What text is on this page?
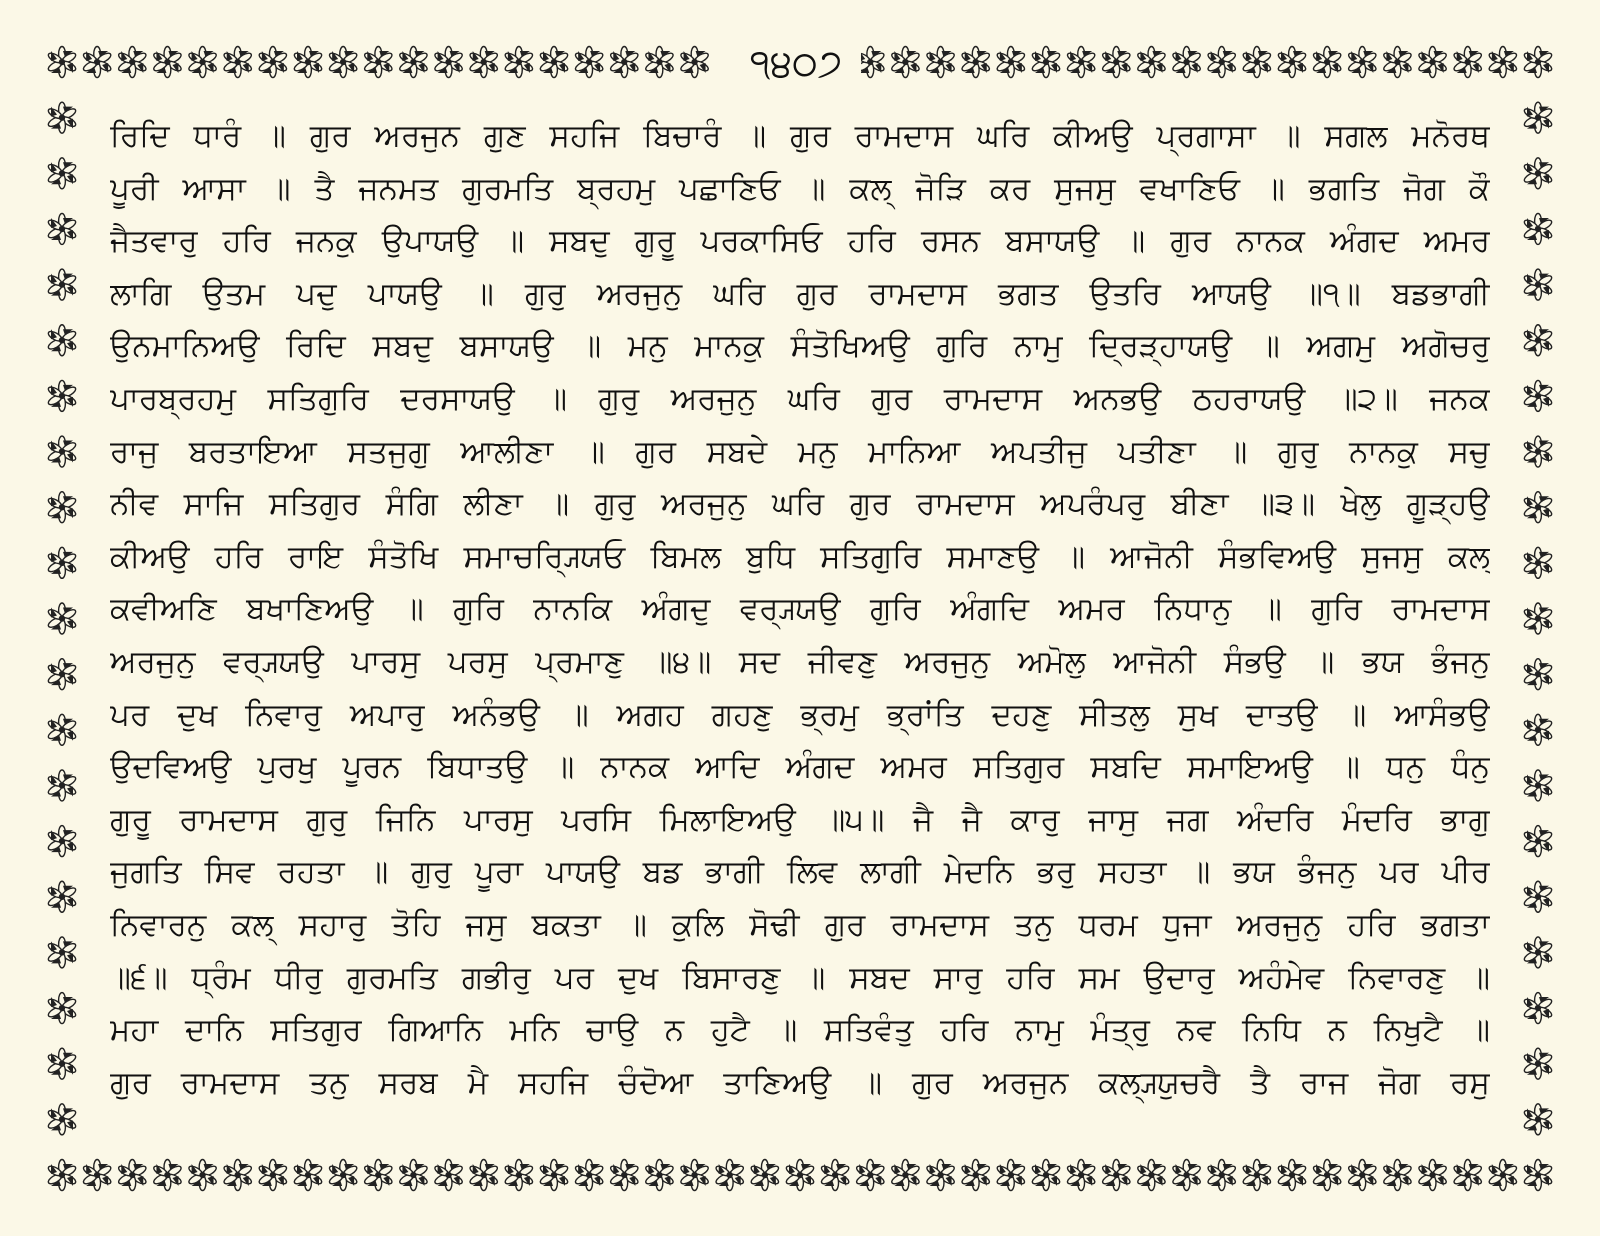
੧੪੦੭
ਰਿਦਿ ਧਾਰੰ ॥ ਗੁਰ ਅਰਜੁਨ ਗੁਣ ਸਹਜਿ ਬਿਚਾਰੰ ॥ ਗੁਰ ਰਾਮਦਾਸ ਘਰਿ ਕੀਅਉ ਪ੍ਰਗਾਸਾ ॥ ਸਗਲ ਮਨੋਰਥ
ਪੂਰੀ ਆਸਾ ॥ ਤੈ ਜਨਮਤ ਗੁਰਮਤਿ ਬ੍ਰਹਮੁ ਪਛਾਣਿਓ ॥ ਕਲ੍ ਜੋੜਿ ਕਰ ਸੁਜਸੁ ਵਖਾਣਿਓ ॥ ਭਗਤਿ ਜੋਗ ਕੌ
ਜੈਤਵਾਰੁ ਹਰਿ ਜਨਕੁ ਉਪਾਯਉ ॥ ਸਬਦੁ ਗੁਰੂ ਪਰਕਾਸਿਓ ਹਰਿ ਰਸਨ ਬਸਾਯਉ ॥ ਗੁਰ ਨਾਨਕ ਅੰਗਦ ਅਮਰ
ਲਾਗਿ ਉਤਮ ਪਦੁ ਪਾਯਉ ॥ ਗੁਰੁ ਅਰਜੁਨੁ ਘਰਿ ਗੁਰ ਰਾਮਦਾਸ ਭਗਤ ਉਤਰਿ ਆਯਉ ॥੧॥ ਬਡਭਾਗੀ
ਉਨਮਾਨਿਅਉ ਰਿਦਿ ਸਬਦੁ ਬਸਾਯਉ ॥ ਮਨੁ ਮਾਨਕੁ ਸੰਤੋਖਿਅਉ ਗੁਰਿ ਨਾਮੁ ਦ੍ਰਿੜ੍ਹਾਯਉ ॥ ਅਗਮੁ ਅਗੋਚਰੁ
ਪਾਰਬ੍ਰਹਮੁ ਸਤਿਗੁਰਿ ਦਰਸਾਯਉ ॥ ਗੁਰੁ ਅਰਜੁਨੁ ਘਰਿ ਗੁਰ ਰਾਮਦਾਸ ਅਨਭਉ ਠਹਰਾਯਉ ॥੨॥ ਜਨਕ
ਰਾਜੁ ਬਰਤਾਇਆ ਸਤਜੁਗੁ ਆਲੀਣਾ ॥ ਗੁਰ ਸਬਦੇ ਮਨੁ ਮਾਨਿਆ ਅਪਤੀਜੁ ਪਤੀਣਾ ॥ ਗੁਰੁ ਨਾਨਕੁ ਸਚੁ
ਨੀਵ ਸਾਜਿ ਸਤਿਗੁਰ ਸੰਗਿ ਲੀਣਾ ॥ ਗੁਰੁ ਅਰਜੁਨੁ ਘਰਿ ਗੁਰ ਰਾਮਦਾਸ ਅਪਰੰਪਰੁ ਬੀਣਾ ॥੩॥ ਖੇਲੁ ਗੂੜ੍ਹਉ
ਕੀਅਉ ਹਰਿ ਰਾਇ ਸੰਤੋਖਿ ਸਮਾਚਰ੍ਯ੍ਯਿਓ ਬਿਮਲ ਬੁਧਿ ਸਤਿਗੁਰਿ ਸਮਾਣਉ ॥ ਆਜੋਨੀ ਸੰਭਵਿਅਉ ਸੁਜਸੁ ਕਲ੍
ਕਵੀਅਣਿ ਬਖਾਣਿਅਉ ॥ ਗੁਰਿ ਨਾਨਕਿ ਅੰਗਦੁ ਵਰ੍ਯ੍ਯਉ ਗੁਰਿ ਅੰਗਦਿ ਅਮਰ ਨਿਧਾਨੁ ॥ ਗੁਰਿ ਰਾਮਦਾਸ
ਅਰਜੁਨੁ ਵਰ੍ਯ੍ਯਉ ਪਾਰਸੁ ਪਰਸੁ ਪ੍ਰਮਾਣੁ ॥੪॥ ਸਦ ਜੀਵਣੁ ਅਰਜੁਨੁ ਅਮੋਲੁ ਆਜੋਨੀ ਸੰਭਉ ॥ ਭਯ ਭੰਜਨੁ
ਪਰ ਦੁਖ ਨਿਵਾਰੁ ਅਪਾਰੁ ਅਨੰਭਉ ॥ ਅਗਹ ਗਹਣੁ ਭ੍ਰਮੁ ਭ੍ਰਾਂਤਿ ਦਹਣੁ ਸੀਤਲੁ ਸੁਖ ਦਾਤਉ ॥ ਆਸੰਭਉ
ਉਦਵਿਅਉ ਪੁਰਖੁ ਪੂਰਨ ਬਿਧਾਤਉ ॥ ਨਾਨਕ ਆਦਿ ਅੰਗਦ ਅਮਰ ਸਤਿਗੁਰ ਸਬਦਿ ਸਮਾਇਅਉ ॥ ਧਨੁ ਧੰਨੁ
ਗੁਰੂ ਰਾਮਦਾਸ ਗੁਰੁ ਜਿਨਿ ਪਾਰਸੁ ਪਰਸਿ ਮਿਲਾਇਅਉ ॥੫॥ ਜੈ ਜੈ ਕਾਰੁ ਜਾਸੁ ਜਗ ਅੰਦਰਿ ਮੰਦਰਿ ਭਾਗੁ
ਜੁਗਤਿ ਸਿਵ ਰਹਤਾ ॥ ਗੁਰੁ ਪੂਰਾ ਪਾਯਉ ਬਡ ਭਾਗੀ ਲਿਵ ਲਾਗੀ ਮੇਦਨਿ ਭਰੁ ਸਹਤਾ ॥ ਭਯ ਭੰਜਨੁ ਪਰ ਪੀਰ
ਨਿਵਾਰਨੁ ਕਲ੍ ਸਹਾਰੁ ਤੋਹਿ ਜਸੁ ਬਕਤਾ ॥ ਕੁਲਿ ਸੋਢੀ ਗੁਰ ਰਾਮਦਾਸ ਤਨੁ ਧਰਮ ਧੁਜਾ ਅਰਜੁਨੁ ਹਰਿ ਭਗਤਾ
॥੬॥ ਧ੍ਰੰਮ ਧੀਰੁ ਗੁਰਮਤਿ ਗਭੀਰੁ ਪਰ ਦੁਖ ਬਿਸਾਰਣੁ ॥ ਸਬਦ ਸਾਰੁ ਹਰਿ ਸਮ ਉਦਾਰੁ ਅਹੰਮੇਵ ਨਿਵਾਰਣੁ ॥
ਮਹਾ ਦਾਨਿ ਸਤਿਗੁਰ ਗਿਆਨਿ ਮਨਿ ਚਾਉ ਨ ਹੁਟੈ ॥ ਸਤਿਵੰਤੁ ਹਰਿ ਨਾਮੁ ਮੰਤ੍ਰੁ ਨਵ ਨਿਧਿ ਨ ਨਿਖੁਟੈ ॥
ਗੁਰ ਰਾਮਦਾਸ ਤਨੁ ਸਰਬ ਮੈ ਸਹਜਿ ਚੰਦੋਆ ਤਾਣਿਅਉ ॥ ਗੁਰ ਅਰਜੁਨ ਕਲ੍ਯ੍ਯੁਚਰੈ ਤੈ ਰਾਜ ਜੋਗ ਰਸੁ
